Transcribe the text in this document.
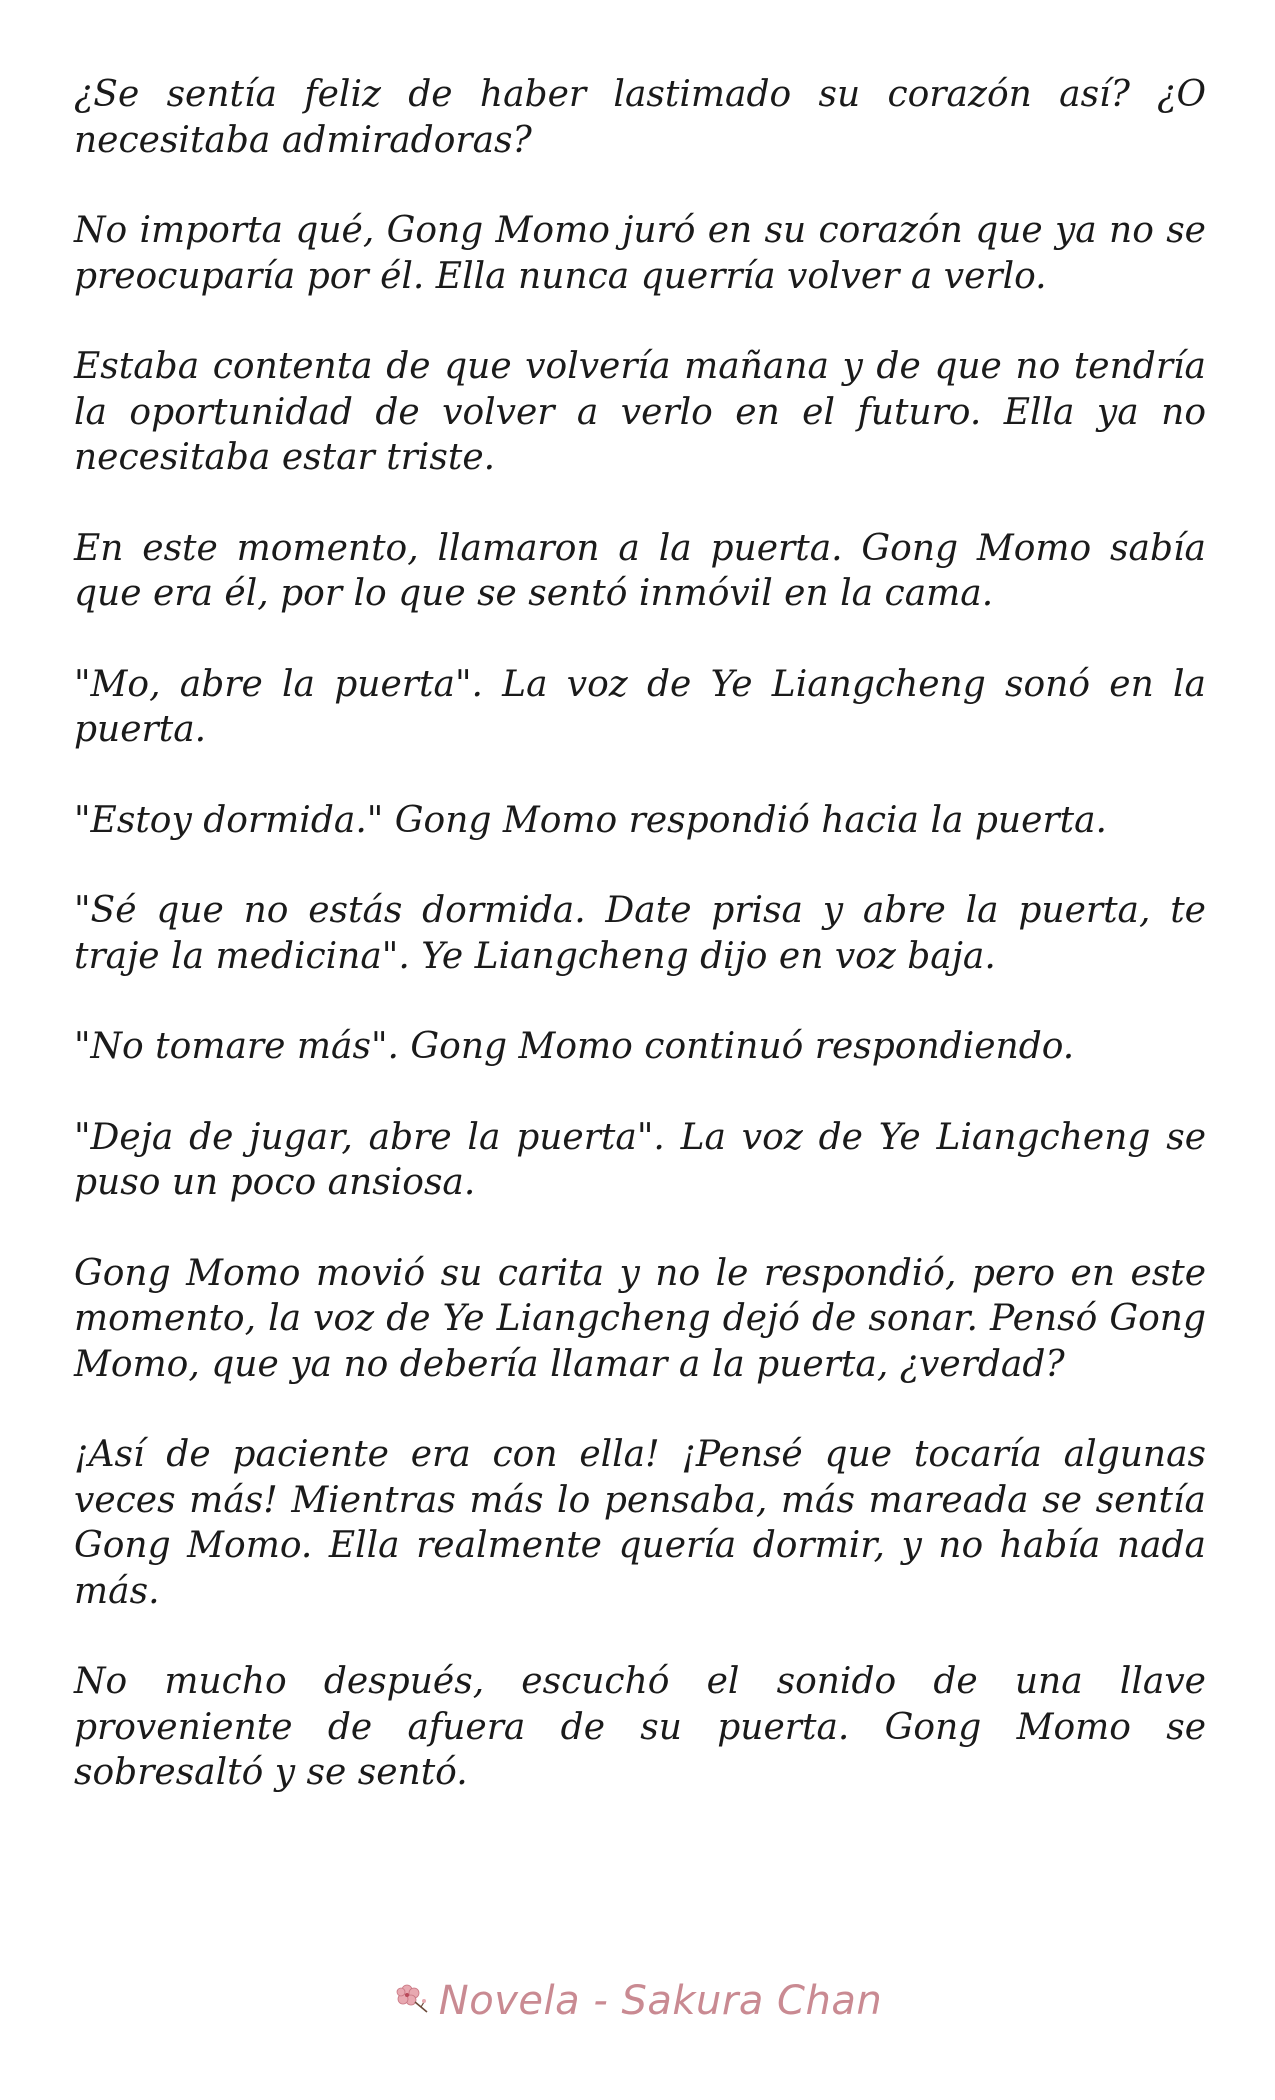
¿Se sentía feliz de haber lastimado su corazón así? ¿O necesitaba admiradoras?

No importa qué, Gong Momo juró en su corazón que ya no se preocuparía por él. Ella nunca querría volver a verlo.

Estaba contenta de que volvería mañana y de que no tendría la oportunidad de volver a verlo en el futuro. Ella ya no necesitaba estar triste.

En este momento, llamaron a la puerta. Gong Momo sabía que era él, por lo que se sentó inmóvil en la cama.

"Mo, abre la puerta". La voz de Ye Liangcheng sonó en la puerta.

"Estoy dormida." Gong Momo respondió hacia la puerta.

"Sé que no estás dormida. Date prisa y abre la puerta, te traje la medicina". Ye Liangcheng dijo en voz baja.

"No tomare más". Gong Momo continuó respondiendo.

"Deja de jugar, abre la puerta". La voz de Ye Liangcheng se puso un poco ansiosa.

Gong Momo movió su carita y no le respondió, pero en este momento, la voz de Ye Liangcheng dejó de sonar. Pensó Gong Momo, que ya no debería llamar a la puerta, ¿verdad?

¡Así de paciente era con ella! ¡Pensé que tocaría algunas veces más! Mientras más lo pensaba, más mareada se sentía Gong Momo. Ella realmente quería dormir, y no había nada más.

No mucho después, escuchó el sonido de una llave proveniente de afuera de su puerta. Gong Momo se sobresaltó y se sentó.

Novela - Sakura Chan
